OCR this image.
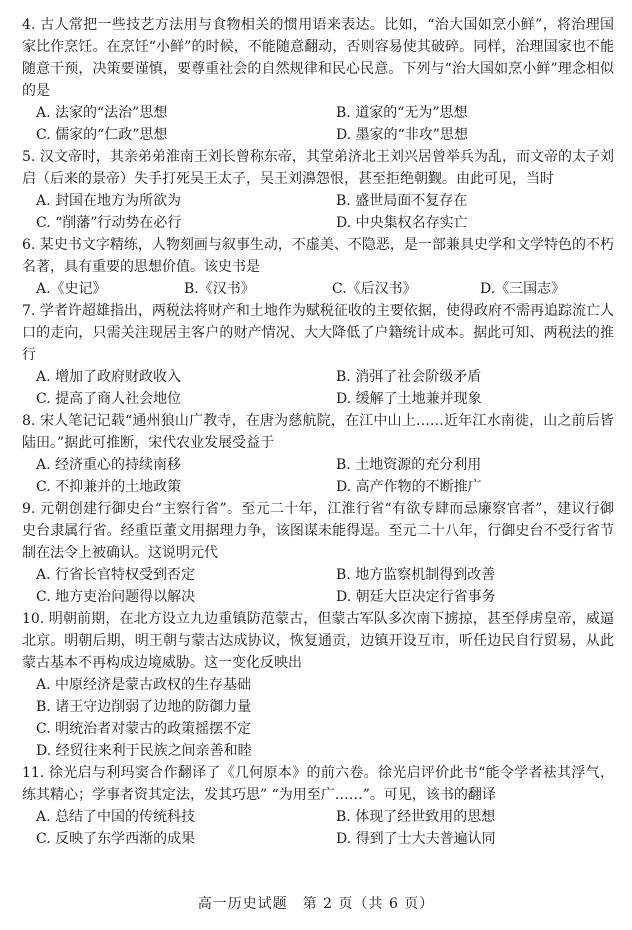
4. 古人常把一些技艺方法用与食物相关的惯用语来表达。比如，“治大国如烹小鲜”，将治理国家比作烹饪。在烹饪“小鲜”的时候，不能随意翻动，否则容易使其破碎。同样，治理国家也不能随意干预，决策要谨慎，要尊重社会的自然规律和民心民意。下列与“治大国如烹小鲜”理念相似的是

A. 法家的“法治”思想	B. 道家的“无为”思想
C. 儒家的“仁政”思想	D. 墨家的“非攻”思想

5. 汉文帝时，其亲弟弟淮南王刘长曾称东帝，其堂弟济北王刘兴居曾举兵为乱，而文帝的太子刘启（后来的景帝）失手打死吴王太子，吴王刘濞怨恨，甚至拒绝朝觐。由此可见，当时

A. 封国在地方为所欲为	B. 盛世局面不复存在
C. “削藩”行动势在必行	D. 中央集权名存实亡

6. 某史书文字精练，人物刻画与叙事生动，不虚美、不隐恶，是一部兼具史学和文学特色的不朽名著，具有重要的思想价值。该史书是

A.《史记》	B.《汉书》	C.《后汉书》	D.《三国志》

7. 学者许超雄指出，两税法将财产和土地作为赋税征收的主要依据，使得政府不需再追踪流亡人口的走向，只需关注现居主客户的财产情况、大大降低了户籍统计成本。据此可知、两税法的推行

A. 增加了政府财政收入	B. 消弭了社会阶级矛盾
C. 提高了商人社会地位	D. 缓解了土地兼并现象

8. 宋人笔记记载“通州狼山广教寺，在唐为慈航院，在江中山上……近年江水南徙，山之前后皆陆田。”据此可推断，宋代农业发展受益于

A. 经济重心的持续南移	B. 土地资源的充分利用
C. 不抑兼并的土地政策	D. 高产作物的不断推广

9. 元朝创建行御史台“主察行省”。至元二十年，江淮行省“有欲专肆而忌廉察官者”，建议行御史台隶属行省。经重臣董文用据理力争，该图谋未能得逞。至元二十八年，行御史台不受行省节制在法令上被确认。这说明元代

A. 行省长官特权受到否定	B. 地方监察机制得到改善
C. 地方吏治问题得以解决	D. 朝廷大臣决定行省事务

10. 明朝前期，在北方设立九边重镇防范蒙古，但蒙古军队多次南下掳掠，甚至俘虏皇帝，威逼北京。明朝后期，明王朝与蒙古达成协议，恢复通贡，边镇开设互市，听任边民自行贸易，从此蒙古基本不再构成边境威胁。这一变化反映出

A. 中原经济是蒙古政权的生存基础
B. 诸王守边削弱了边地的防御力量
C. 明统治者对蒙古的政策摇摆不定
D. 经贸往来利于民族之间亲善和睦

11. 徐光启与利玛窦合作翻译了《几何原本》的前六卷。徐光启评价此书“能令学者袪其浮气，练其精心；学事者资其定法，发其巧思” “为用至广……”。可见，该书的翻译

A. 总结了中国的传统科技	B. 体现了经世致用的思想
C. 反映了东学西渐的成果	D. 得到了士大夫普遍认同
高一历史试题　第 2 页（共 6 页）
